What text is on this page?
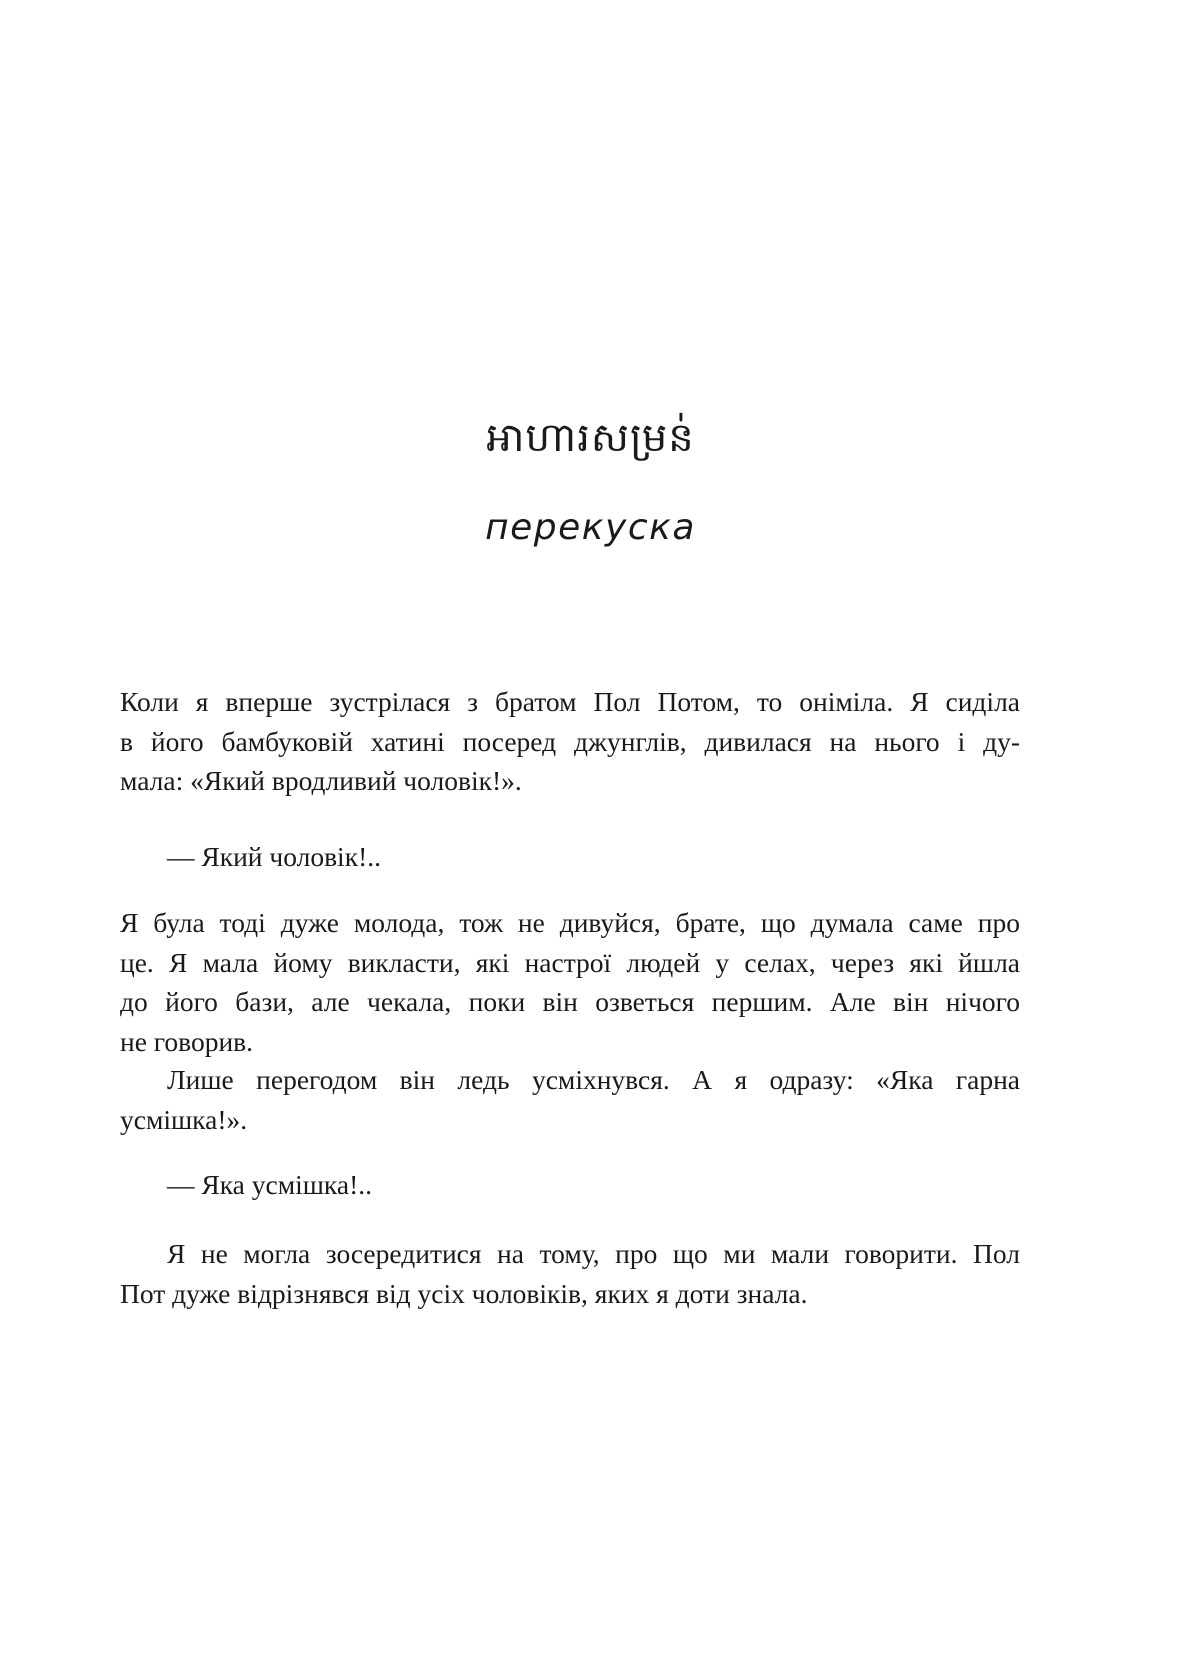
អាហារសម្រន់
перекуска
Коли я вперше зустрілася з братом Пол Потом, то оніміла. Я сиділа
в його бамбуковій хатині посеред джунглів, дивилася на нього і ду-
мала: «Який вродливий чоловік!».
— Який чоловік!..
Я була тоді дуже молода, тож не дивуйся, брате, що думала саме про
це. Я мала йому викласти, які настрої людей у селах, через які йшла
до його бази, але чекала, поки він озветься першим. Але він нічого
не говорив.
Лише перегодом він ледь усміхнувся. А я одразу: «Яка гарна
усмішка!».
— Яка усмішка!..
Я не могла зосередитися на тому, про що ми мали говорити. Пол
Пот дуже відрізнявся від усіх чоловіків, яких я доти знала.
